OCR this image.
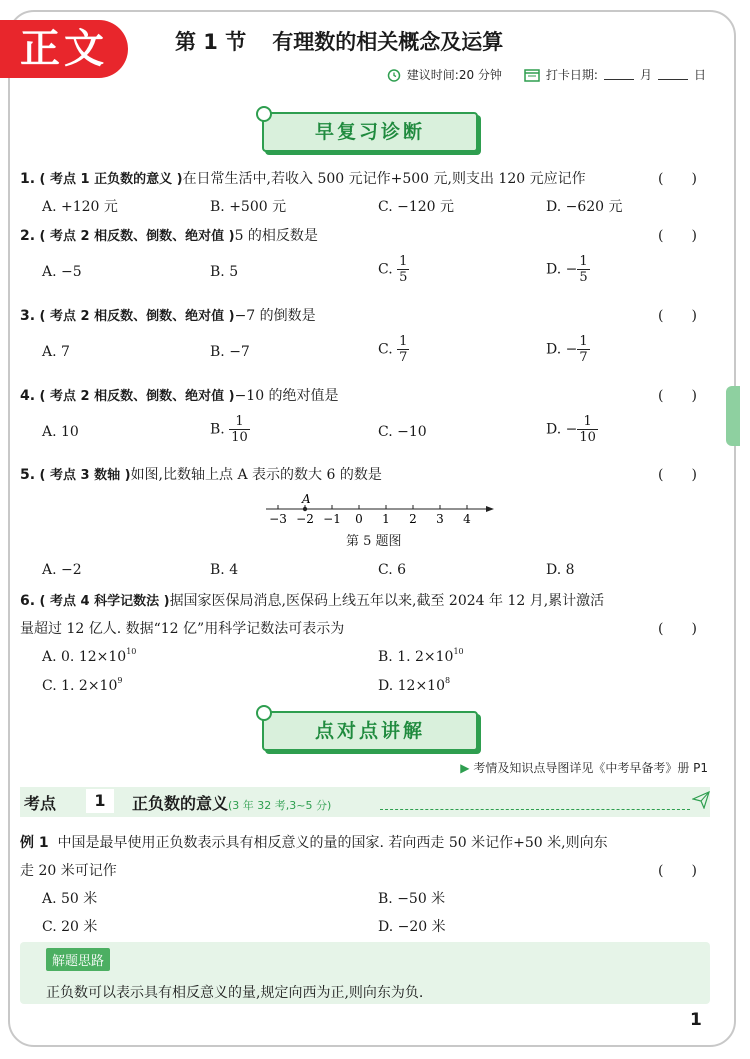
正文	第 1 节 有理数的相关概念及运算
建议时间:20 分钟	打卡日期:	月	日
早复习诊断
1. ( 考点 1 正负数的意义 )在日常生活中,若收入 500 元记作+500 元,则支出 120 元应记作	(　　)
A. +120 元	B. +500 元	C. −120 元	D. −620 元
2. ( 考点 2 相反数、倒数、绝对值 )5 的相反数是	(　　)
A. −5	B. 5	C. $\frac{1}{5}$	D. − $\frac{1}{5}$
3. ( 考点 2 相反数、倒数、绝对值 )−7 的倒数是	(　　)
A. 7	B. −7	C. $\frac{1}{7}$	D. − $\frac{1}{7}$
4. ( 考点 2 相反数、倒数、绝对值 )−10 的绝对值是	(　　)
A. 10	B. $\frac{1}{10}$	C. −10	D. − $\frac{1}{10}$
5. ( 考点 3 数轴 )如图,比数轴上点 A 表示的数大 6 的数是	(　　)
−3 −2 −1 0 1 2 3 4
A
第 5 题图
A. −2	B. 4	C. 6	D. 8
6. ( 考点 4 科学记数法 )据国家医保局消息,医保码上线五年以来,截至 2024 年 12 月,累计激活
量超过 12 亿人. 数据“12 亿”用科学记数法可表示为	(　　)
A. 0. $12\times 10^{10}$	B. 1. $2\times 10^{10}$
C. 1. $2\times 10^9$	D. $12\times 10^8$
点对点讲解
▶ 考情及知识点导图详见《中考早备考》册 P1
考点	1	正负数的意义(3 年 32 考,3~5 分)
例 1 中国是最早使用正负数表示具有相反意义的量的国家. 若向西走 50 米记作+50 米,则向东
走 20 米可记作	(　　)
A. 50 米	B. −50 米
C. 20 米	D. −20 米
解题思路
正负数可以表示具有相反意义的量,规定向西为正,则向东为负.
1
